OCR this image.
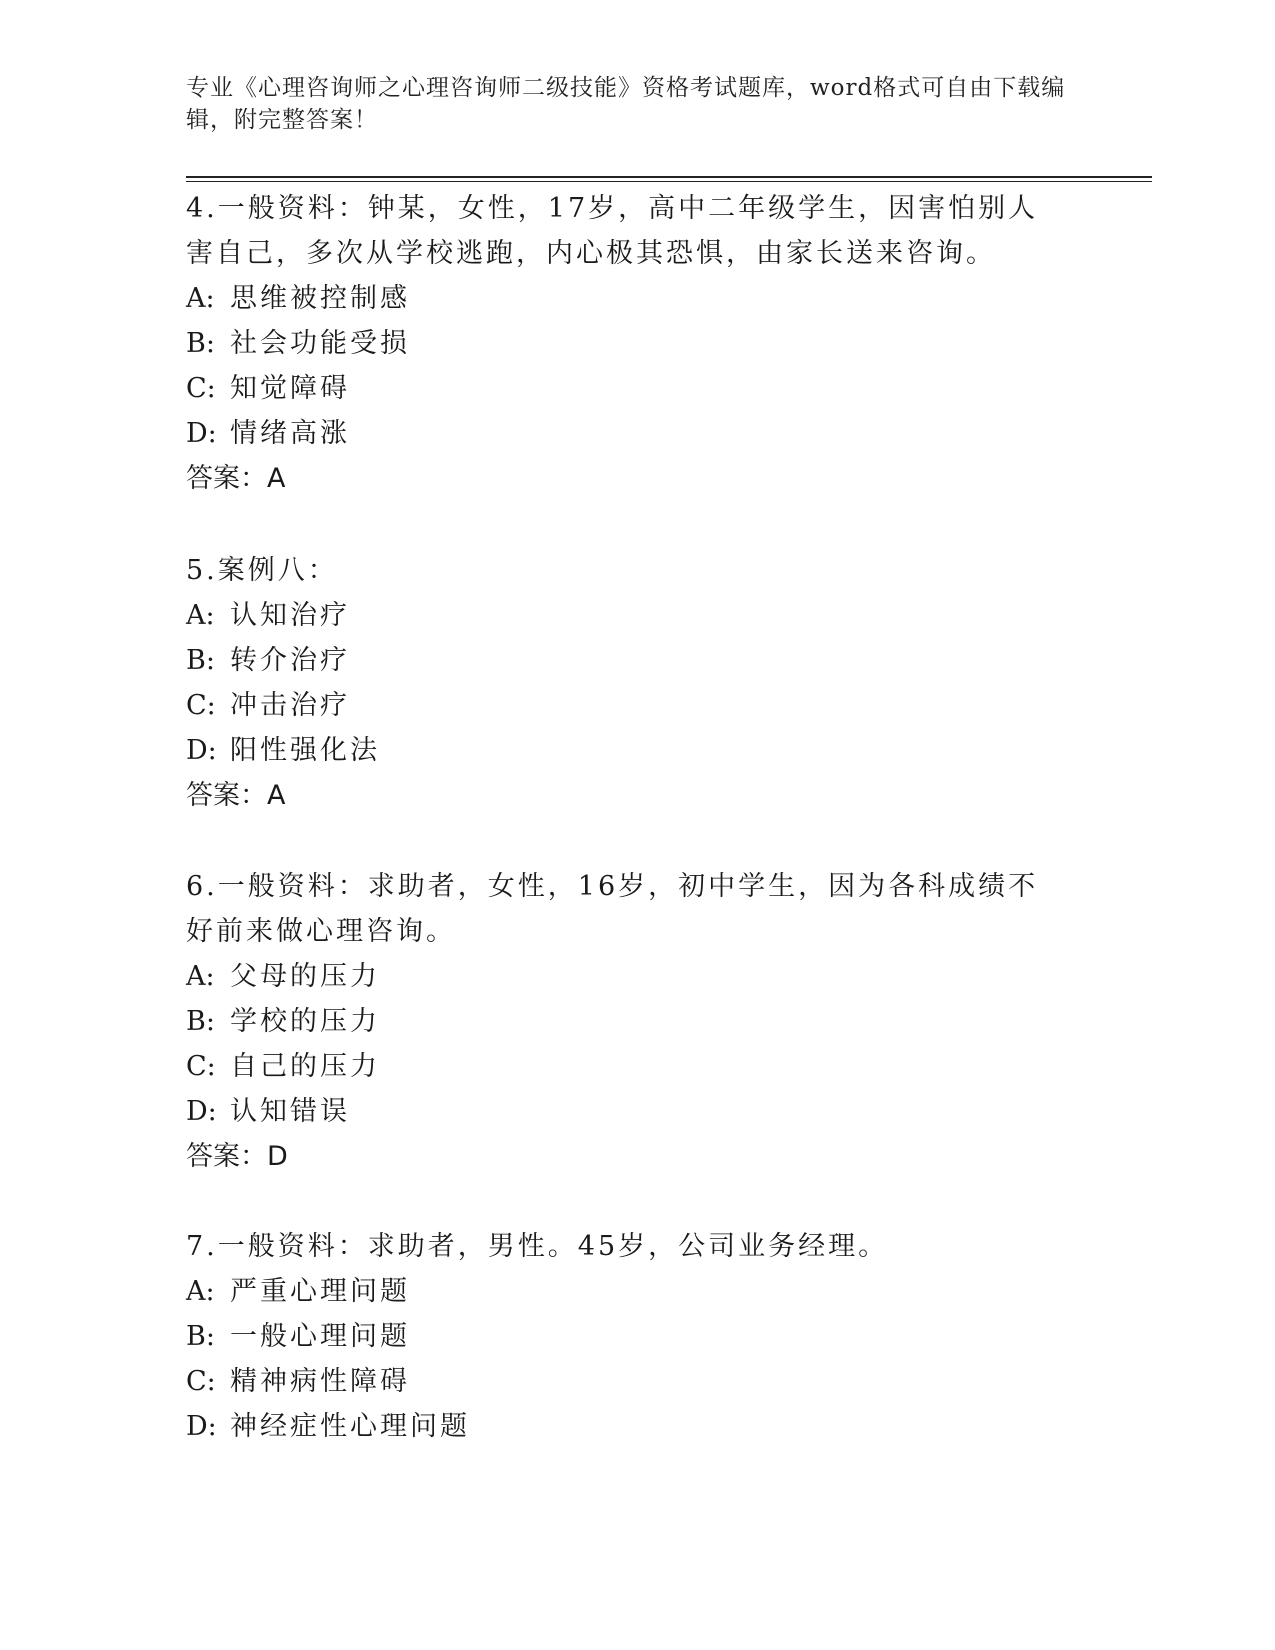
专业《心理咨询师之心理咨询师二级技能》资格考试题库，word格式可自由下载编辑，附完整答案！

4.一般资料：钟某，女性，17岁，高中二年级学生，因害怕别人害自己，多次从学校逃跑，内心极其恐惧，由家长送来咨询。

A: 思维被控制感
B: 社会功能受损
C: 知觉障碍
D: 情绪高涨
答案：A

5.案例八：

A: 认知治疗
B: 转介治疗
C: 冲击治疗
D: 阳性强化法
答案：A

6.一般资料：求助者，女性，16岁，初中学生，因为各科成绩不好前来做心理咨询。

A: 父母的压力
B: 学校的压力
C: 自己的压力
D: 认知错误
答案：D

7.一般资料：求助者，男性。45岁，公司业务经理。

A: 严重心理问题
B: 一般心理问题
C: 精神病性障碍
D: 神经症性心理问题
